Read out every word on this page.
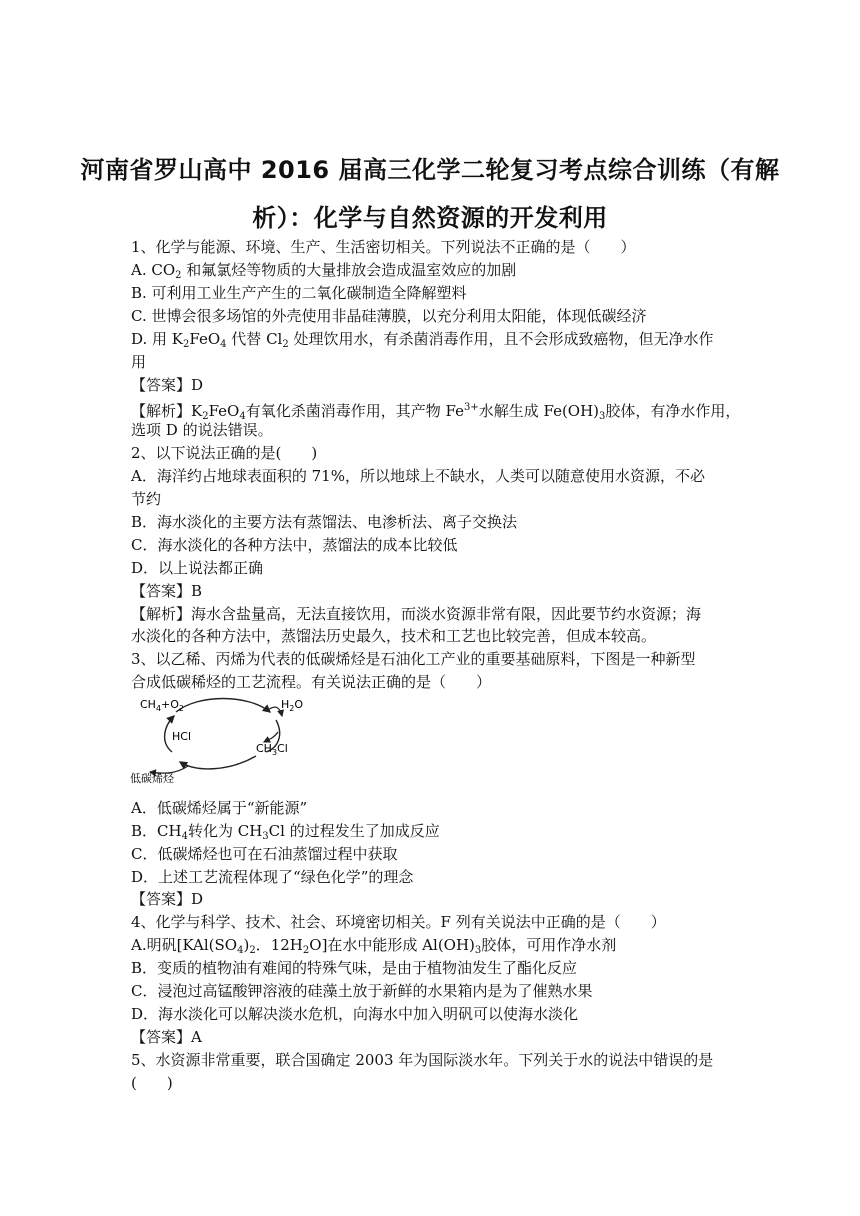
河南省罗山高中 2016 届高三化学二轮复习考点综合训练（有解
析）：化学与自然资源的开发利用
1、化学与能源、环境、生产、生活密切相关。下列说法不正确的是（　　）
A. $CO_2$ 和氟氯烃等物质的大量排放会造成温室效应的加剧
B. 可利用工业生产产生的二氧化碳制造全降解塑料
C. 世博会很多场馆的外壳使用非晶硅薄膜，以充分利用太阳能，体现低碳经济
D. 用 $K_2FeO_4$ 代替 $Cl_2$ 处理饮用水，有杀菌消毒作用，且不会形成致癌物，但无净水作
用
【答案】D
【解析】$K_2FeO_4$有氧化杀菌消毒作用，其产物 $Fe^{3+}$水解生成 $Fe(OH)_3$胶体，有净水作用，
选项 D 的说法错误。
2、以下说法正确的是(　　)
A．海洋约占地球表面积的 71%，所以地球上不缺水，人类可以随意使用水资源，不必
节约
B．海水淡化的主要方法有蒸馏法、电渗析法、离子交换法
C．海水淡化的各种方法中，蒸馏法的成本比较低
D．以上说法都正确
【答案】B
【解析】海水含盐量高，无法直接饮用，而淡水资源非常有限，因此要节约水资源；海
水淡化的各种方法中，蒸馏法历史最久，技术和工艺也比较完善，但成本较高。
3、以乙稀、丙烯为代表的低碳烯烃是石油化工产业的重要基础原料，下图是一种新型
合成低碳稀烃的工艺流程。有关说法正确的是（　　）
$CH_4+O_2$	$H_2O$
HCl
$CH_3Cl$
低碳烯烃
A．低碳烯烃属于“新能源”
B．$CH_4$转化为 $CH_3Cl$ 的过程发生了加成反应
C．低碳烯烃也可在石油蒸馏过程中获取
D．上述工艺流程体现了“绿色化学”的理念
【答案】D
4、化学与科学、技术、社会、环境密切相关。F 列有关说法中正确的是（　　）
A.明矾[$KAl(SO_4)_2$．$12H_2O$]在水中能形成 $Al(OH)_3$胶体，可用作净水剂
B．变质的植物油有难闻的特殊气味，是由于植物油发生了酯化反应
C．浸泡过高锰酸钾溶液的硅藻土放于新鲜的水果箱内是为了催熟水果
D．海水淡化可以解决淡水危机，向海水中加入明矾可以使海水淡化
【答案】A
5、水资源非常重要，联合国确定 2003 年为国际淡水年。下列关于水的说法中错误的是
(　　)
